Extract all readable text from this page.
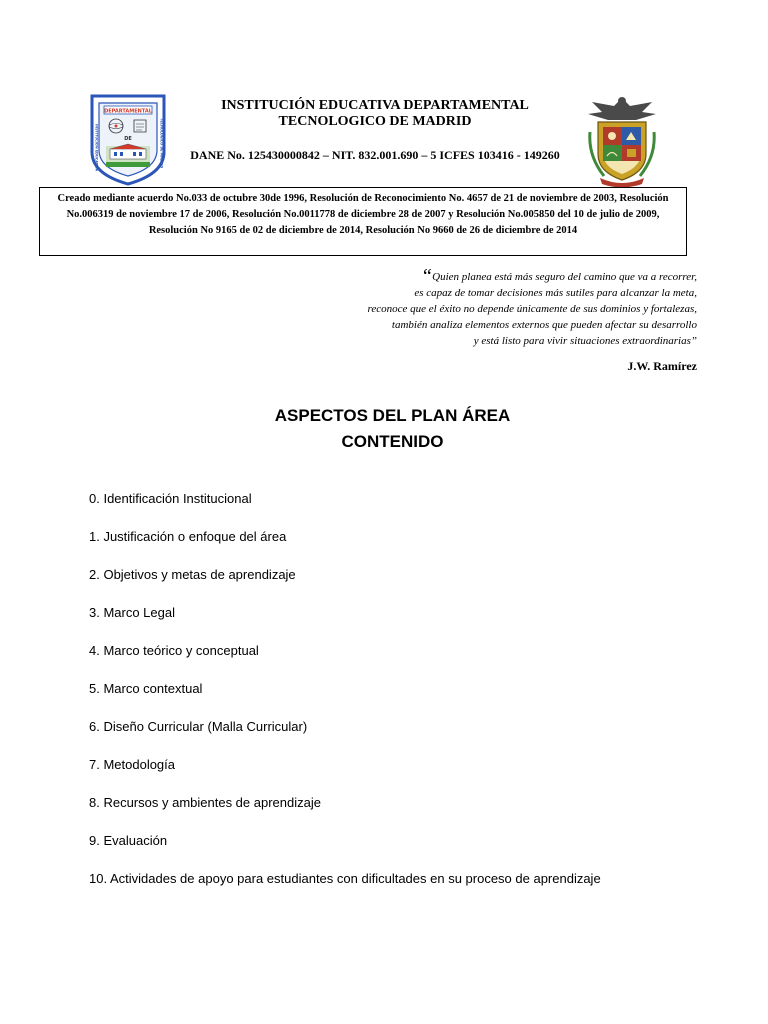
DEPARTAMENTAL
INSTITUCIÓN EDUCATIVA	TECNOLÓGICO DE MADRID
DE
INSTITUCIÓN EDUCATIVA DEPARTAMENTAL
TECNOLOGICO DE MADRID
DANE No. 125430000842 – NIT. 832.001.690 – 5 ICFES 103416 - 149260
Creado mediante acuerdo No.033 de octubre 30de 1996, Resolución de Reconocimiento No. 4657 de 21 de noviembre de 2003, Resolución No.006319 de noviembre 17 de 2006, Resolución No.0011778 de diciembre 28 de 2007 y Resolución No.005850 del 10 de julio de 2009, Resolución No 9165 de 02 de diciembre de 2014, Resolución No 9660 de 26 de diciembre de 2014
“Quien planea está más seguro del camino que va a recorrer,
es capaz de tomar decisiones más sutiles para alcanzar la meta,
reconoce que el éxito no depende únicamente de sus dominios y fortalezas,
también analiza elementos externos que pueden afectar su desarrollo
y está listo para vivir situaciones extraordinarias”
J.W. Ramírez
ASPECTOS DEL PLAN ÁREA
CONTENIDO
0. Identificación Institucional
1. Justificación o enfoque del área
2. Objetivos y metas de aprendizaje
3. Marco Legal
4. Marco teórico y conceptual
5. Marco contextual
6. Diseño Curricular (Malla Curricular)
7. Metodología
8. Recursos y ambientes de aprendizaje
9. Evaluación
10. Actividades de apoyo para estudiantes con dificultades en su proceso de aprendizaje
